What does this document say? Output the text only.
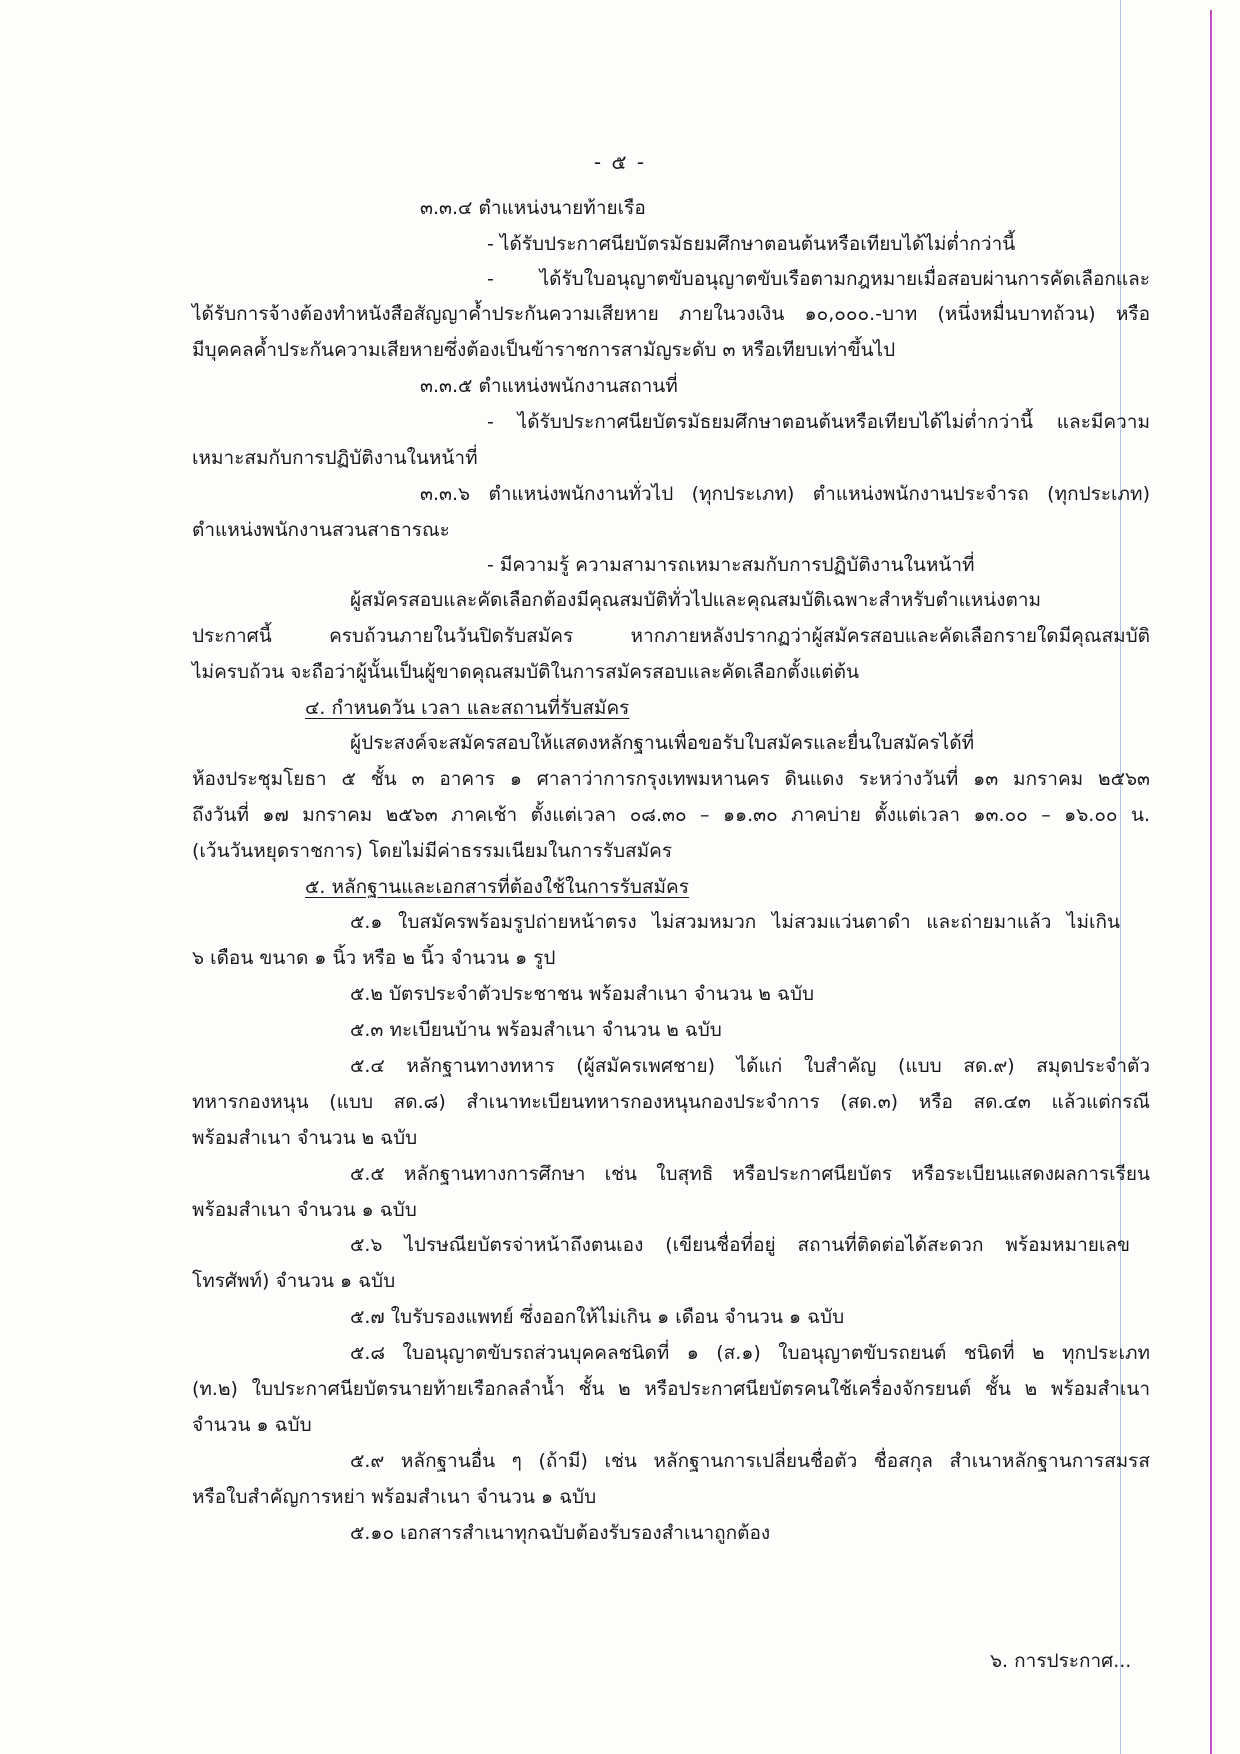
- ๕ -
๓.๓.๔ ตำแหน่งนายท้ายเรือ
- ได้รับประกาศนียบัตรมัธยมศึกษาตอนต้นหรือเทียบได้ไม่ต่ำกว่านี้
- ได้รับใบอนุญาตขับอนุญาตขับเรือตามกฎหมายเมื่อสอบผ่านการคัดเลือกและ
ได้รับการจ้างต้องทำหนังสือสัญญาค้ำประกันความเสียหาย ภายในวงเงิน ๑๐,๐๐๐.-บาท (หนึ่งหมื่นบาทถ้วน) หรือ
มีบุคคลค้ำประกันความเสียหายซึ่งต้องเป็นข้าราชการสามัญระดับ ๓ หรือเทียบเท่าขึ้นไป
๓.๓.๕ ตำแหน่งพนักงานสถานที่
- ได้รับประกาศนียบัตรมัธยมศึกษาตอนต้นหรือเทียบได้ไม่ต่ำกว่านี้ และมีความ
เหมาะสมกับการปฏิบัติงานในหน้าที่
๓.๓.๖ ตำแหน่งพนักงานทั่วไป (ทุกประเภท) ตำแหน่งพนักงานประจำรถ (ทุกประเภท)
ตำแหน่งพนักงานสวนสาธารณะ
- มีความรู้ ความสามารถเหมาะสมกับการปฏิบัติงานในหน้าที่
ผู้สมัครสอบและคัดเลือกต้องมีคุณสมบัติทั่วไปและคุณสมบัติเฉพาะสำหรับตำแหน่งตาม
ประกาศนี้ ครบถ้วนภายในวันปิดรับสมัคร หากภายหลังปรากฏว่าผู้สมัครสอบและคัดเลือกรายใดมีคุณสมบัติ
ไม่ครบถ้วน จะถือว่าผู้นั้นเป็นผู้ขาดคุณสมบัติในการสมัครสอบและคัดเลือกตั้งแต่ต้น
๔. กำหนดวัน เวลา และสถานที่รับสมัคร
ผู้ประสงค์จะสมัครสอบให้แสดงหลักฐานเพื่อขอรับใบสมัครและยื่นใบสมัครได้ที่
ห้องประชุมโยธา ๕ ชั้น ๓ อาคาร ๑ ศาลาว่าการกรุงเทพมหานคร ดินแดง ระหว่างวันที่ ๑๓ มกราคม ๒๕๖๓
ถึงวันที่ ๑๗ มกราคม ๒๕๖๓ ภาคเช้า ตั้งแต่เวลา ๐๘.๓๐ – ๑๑.๓๐ ภาคบ่าย ตั้งแต่เวลา ๑๓.๐๐ – ๑๖.๐๐ น.
(เว้นวันหยุดราชการ) โดยไม่มีค่าธรรมเนียมในการรับสมัคร
๕. หลักฐานและเอกสารที่ต้องใช้ในการรับสมัคร
๕.๑ ใบสมัครพร้อมรูปถ่ายหน้าตรง ไม่สวมหมวก ไม่สวมแว่นตาดำ และถ่ายมาแล้ว ไม่เกิน
๖ เดือน ขนาด ๑ นิ้ว หรือ ๒ นิ้ว จำนวน ๑ รูป
๕.๒ บัตรประจำตัวประชาชน พร้อมสำเนา จำนวน ๒ ฉบับ
๕.๓ ทะเบียนบ้าน พร้อมสำเนา จำนวน ๒ ฉบับ
๕.๔ หลักฐานทางทหาร (ผู้สมัครเพศชาย) ได้แก่ ใบสำคัญ (แบบ สด.๙) สมุดประจำตัว
ทหารกองหนุน (แบบ สด.๘) สำเนาทะเบียนทหารกองหนุนกองประจำการ (สด.๓) หรือ สด.๔๓ แล้วแต่กรณี
พร้อมสำเนา จำนวน ๒ ฉบับ
๕.๕ หลักฐานทางการศึกษา เช่น ใบสุทธิ หรือประกาศนียบัตร หรือระเบียนแสดงผลการเรียน
พร้อมสำเนา จำนวน ๑ ฉบับ
๕.๖ ไปรษณียบัตรจ่าหน้าถึงตนเอง (เขียนชื่อที่อยู่ สถานที่ติดต่อได้สะดวก พร้อมหมายเลข
โทรศัพท์) จำนวน ๑ ฉบับ
๕.๗ ใบรับรองแพทย์ ซึ่งออกให้ไม่เกิน ๑ เดือน จำนวน ๑ ฉบับ
๕.๘ ใบอนุญาตขับรถส่วนบุคคลชนิดที่ ๑ (ส.๑) ใบอนุญาตขับรถยนต์ ชนิดที่ ๒ ทุกประเภท
(ท.๒) ใบประกาศนียบัตรนายท้ายเรือกลลำน้ำ ชั้น ๒ หรือประกาศนียบัตรคนใช้เครื่องจักรยนต์ ชั้น ๒ พร้อมสำเนา
จำนวน ๑ ฉบับ
๕.๙ หลักฐานอื่น ๆ (ถ้ามี) เช่น หลักฐานการเปลี่ยนชื่อตัว ชื่อสกุล สำเนาหลักฐานการสมรส
หรือใบสำคัญการหย่า พร้อมสำเนา จำนวน ๑ ฉบับ
๕.๑๐ เอกสารสำเนาทุกฉบับต้องรับรองสำเนาถูกต้อง
๖. การประกาศ...
